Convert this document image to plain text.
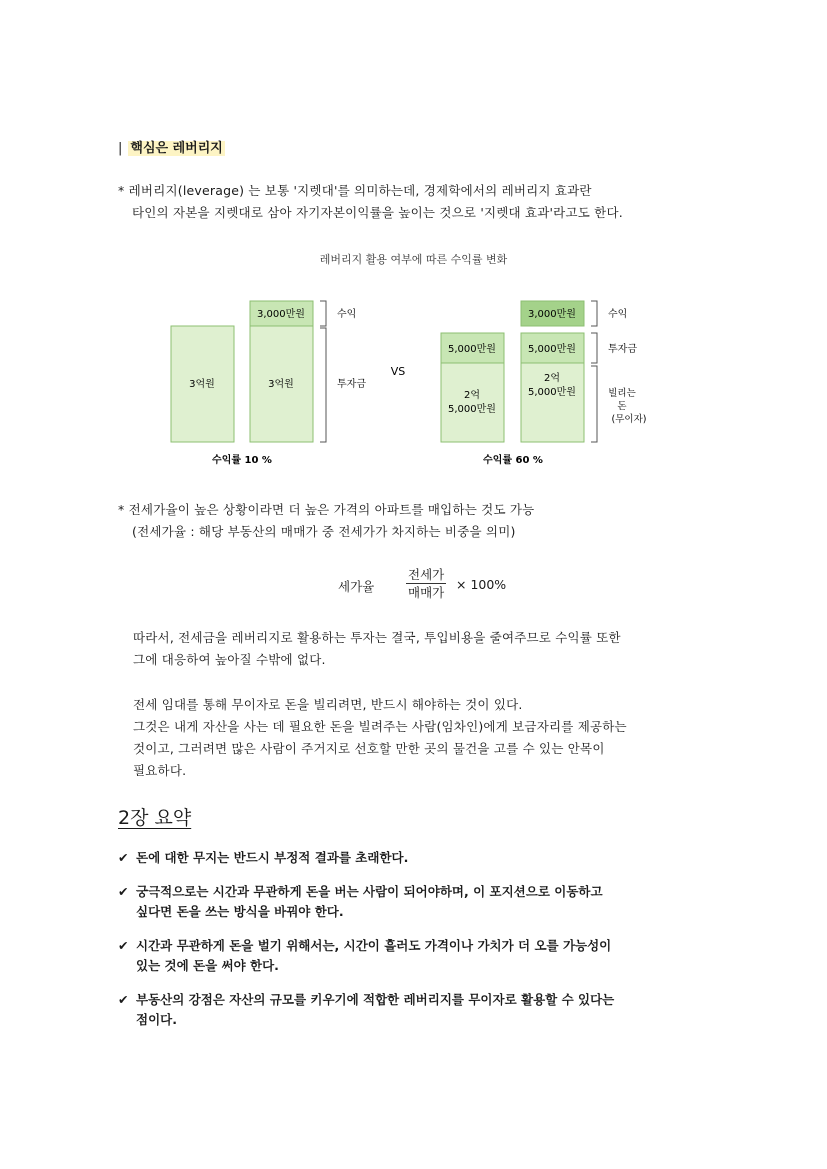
| 핵심은 레버리지
* 레버리지(leverage) 는 보통 '지렛대'를 의미하는데, 경제학에서의 레버리지 효과란
타인의 자본을 지렛대로 삼아 자기자본이익률을 높이는 것으로 '지렛대 효과'라고도 한다.
레버리지 활용 여부에 따른 수익률 변화
3억원
3,000만원
3억원
수익
투자금
수익률 10 %
VS
5,000만원
2억
5,000만원
3,000만원
5,000만원
2억
5,000만원
수익
투자금
빌리는
돈
(무이자)
수익률 60 %
* 전세가율이 높은 상황이라면 더 높은 가격의 아파트를 매입하는 것도 가능
(전세가율 : 해당 부동산의 매매가 중 전세가가 차지하는 비중을 의미)
세가율
전세가
매매가
× 100%
따라서, 전세금을 레버리지로 활용하는 투자는 결국, 투입비용을 줄여주므로 수익률 또한
그에 대응하여 높아질 수밖에 없다.
전세 임대를 통해 무이자로 돈을 빌리려면, 반드시 해야하는 것이 있다.
그것은 내게 자산을 사는 데 필요한 돈을 빌려주는 사람(임차인)에게 보금자리를 제공하는
것이고, 그러려면 많은 사람이 주거지로 선호할 만한 곳의 물건을 고를 수 있는 안목이
필요하다.
2장 요약
✔ 돈에 대한 무지는 반드시 부정적 결과를 초래한다.
✔ 궁극적으로는 시간과 무관하게 돈을 버는 사람이 되어야하며, 이 포지션으로 이동하고
싶다면 돈을 쓰는 방식을 바꿔야 한다.
✔ 시간과 무관하게 돈을 벌기 위해서는, 시간이 흘러도 가격이나 가치가 더 오를 가능성이
있는 것에 돈을 써야 한다.
✔ 부동산의 강점은 자산의 규모를 키우기에 적합한 레버리지를 무이자로 활용할 수 있다는
점이다.
